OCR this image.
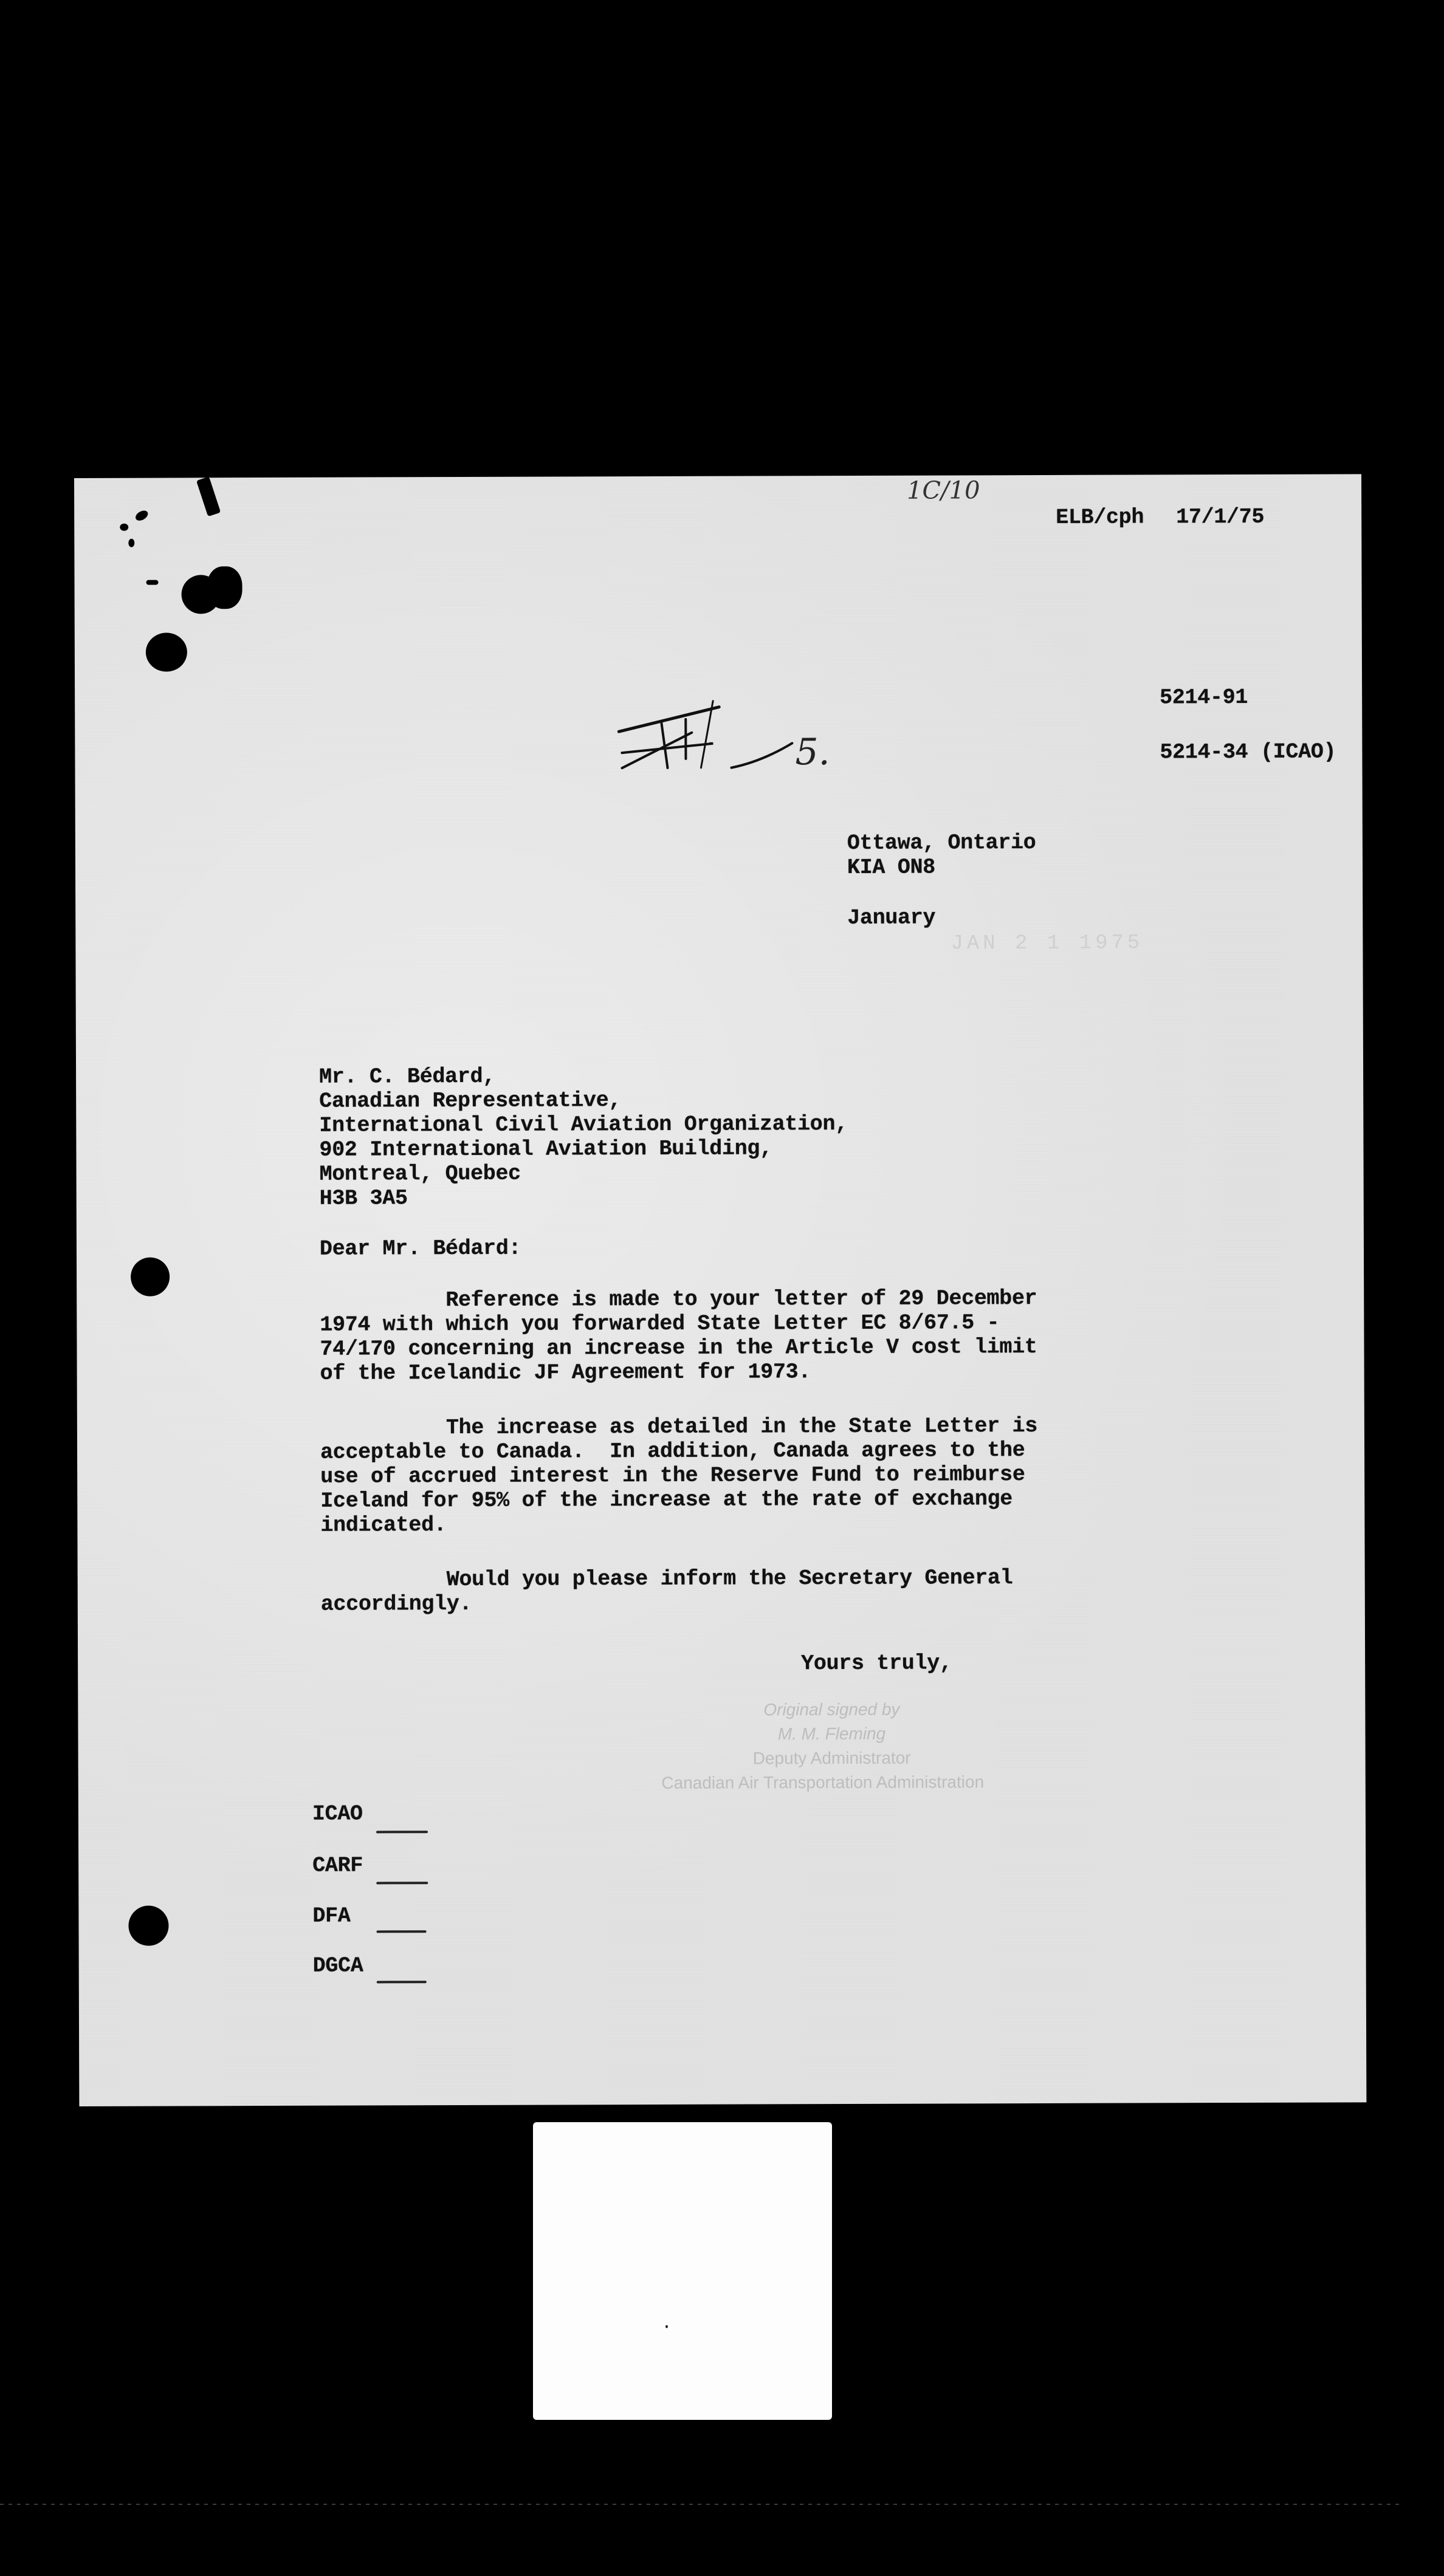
1C/10
ELB/cph 17/1/75
5214-91
5214-34 (ICAO)
5.
Ottawa, Ontario
KIA ON8
January
JAN 2 1 1975
Mr. C. Bédard,
Canadian Representative,
International Civil Aviation Organization,
902 International Aviation Building,
Montreal, Quebec
H3B 3A5
Dear Mr. Bédard:
Reference is made to your letter of 29 December
1974 with which you forwarded State Letter EC 8/67.5 -
74/170 concerning an increase in the Article V cost limit
of the Icelandic JF Agreement for 1973.
The increase as detailed in the State Letter is
acceptable to Canada.  In addition, Canada agrees to the
use of accrued interest in the Reserve Fund to reimburse
Iceland for 95% of the increase at the rate of exchange
indicated.
Would you please inform the Secretary General
accordingly.
Yours truly,
Original signed by
M. M. Fleming
Deputy Administrator
Canadian Air Transportation Administration
ICAO
CARF
DFA
DGCA
